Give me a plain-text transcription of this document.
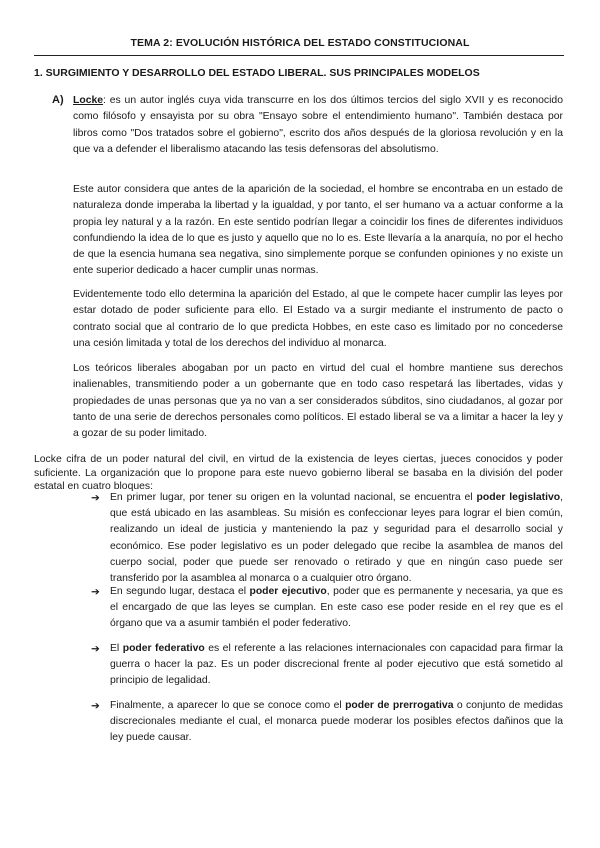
TEMA 2: EVOLUCIÓN HISTÓRICA DEL ESTADO CONSTITUCIONAL
1. SURGIMIENTO Y DESARROLLO DEL ESTADO LIBERAL. SUS PRINCIPALES MODELOS
A) Locke: es un autor inglés cuya vida transcurre en los dos últimos tercios del siglo XVII y es reconocido como filósofo y ensayista por su obra "Ensayo sobre el entendimiento humano". También destaca por libros como "Dos tratados sobre el gobierno", escrito dos años después de la gloriosa revolución y en la que va a defender el liberalismo atacando las tesis defensoras del absolutismo.

Este autor considera que antes de la aparición de la sociedad, el hombre se encontraba en un estado de naturaleza donde imperaba la libertad y la igualdad, y por tanto, el ser humano va a actuar conforme a la propia ley natural y a la razón. En este sentido podrían llegar a coincidir los fines de diferentes individuos confundiendo la idea de lo que es justo y aquello que no lo es. Este llevaría a la anarquía, no por el hecho de que la esencia humana sea negativa, sino simplemente porque se confunden opiniones y no existe un ente superior dedicado a hacer cumplir unas normas.

Evidentemente todo ello determina la aparición del Estado, al que le compete hacer cumplir las leyes por estar dotado de poder suficiente para ello. El Estado va a surgir mediante el instrumento de pacto o contrato social que al contrario de lo que predicta Hobbes, en este caso es limitado por no concederse una cesión limitada y total de los derechos del individuo al monarca.

Los teóricos liberales abogaban por un pacto en virtud del cual el hombre mantiene sus derechos inalienables, transmitiendo poder a un gobernante que en todo caso respetará las libertades, vidas y propiedades de unas personas que ya no van a ser considerados súbditos, sino ciudadanos, al gozar por tanto de una serie de derechos personales como políticos. El estado liberal se va a limitar a hacer la ley y a gozar de su poder limitado.

Locke cifra de un poder natural del civil, en virtud de la existencia de leyes ciertas, jueces conocidos y poder suficiente. La organización que lo propone para este nuevo gobierno liberal se basaba en la división del poder estatal en cuatro bloques:

➔ En primer lugar, por tener su origen en la voluntad nacional, se encuentra el poder legislativo, que está ubicado en las asambleas. Su misión es confeccionar leyes para lograr el bien común, realizando un ideal de justicia y manteniendo la paz y seguridad para el desarrollo social y económico. Ese poder legislativo es un poder delegado que recibe la asamblea de manos del cuerpo social, poder que puede ser renovado o retirado y que en ningún caso puede ser transferido por la asamblea al monarca o a cualquier otro órgano.

➔ En segundo lugar, destaca el poder ejecutivo, poder que es permanente y necesaria, ya que es el encargado de que las leyes se cumplan. En este caso ese poder reside en el rey que es el órgano que va a asumir también el poder federativo.

➔ El poder federativo es el referente a las relaciones internacionales con capacidad para firmar la guerra o hacer la paz. Es un poder discrecional frente al poder ejecutivo que está sometido al principio de legalidad.

➔ Finalmente, a aparecer lo que se conoce como el poder de prerrogativa o conjunto de medidas discrecionales mediante el cual, el monarca puede moderar los posibles efectos dañinos que la ley puede causar.
